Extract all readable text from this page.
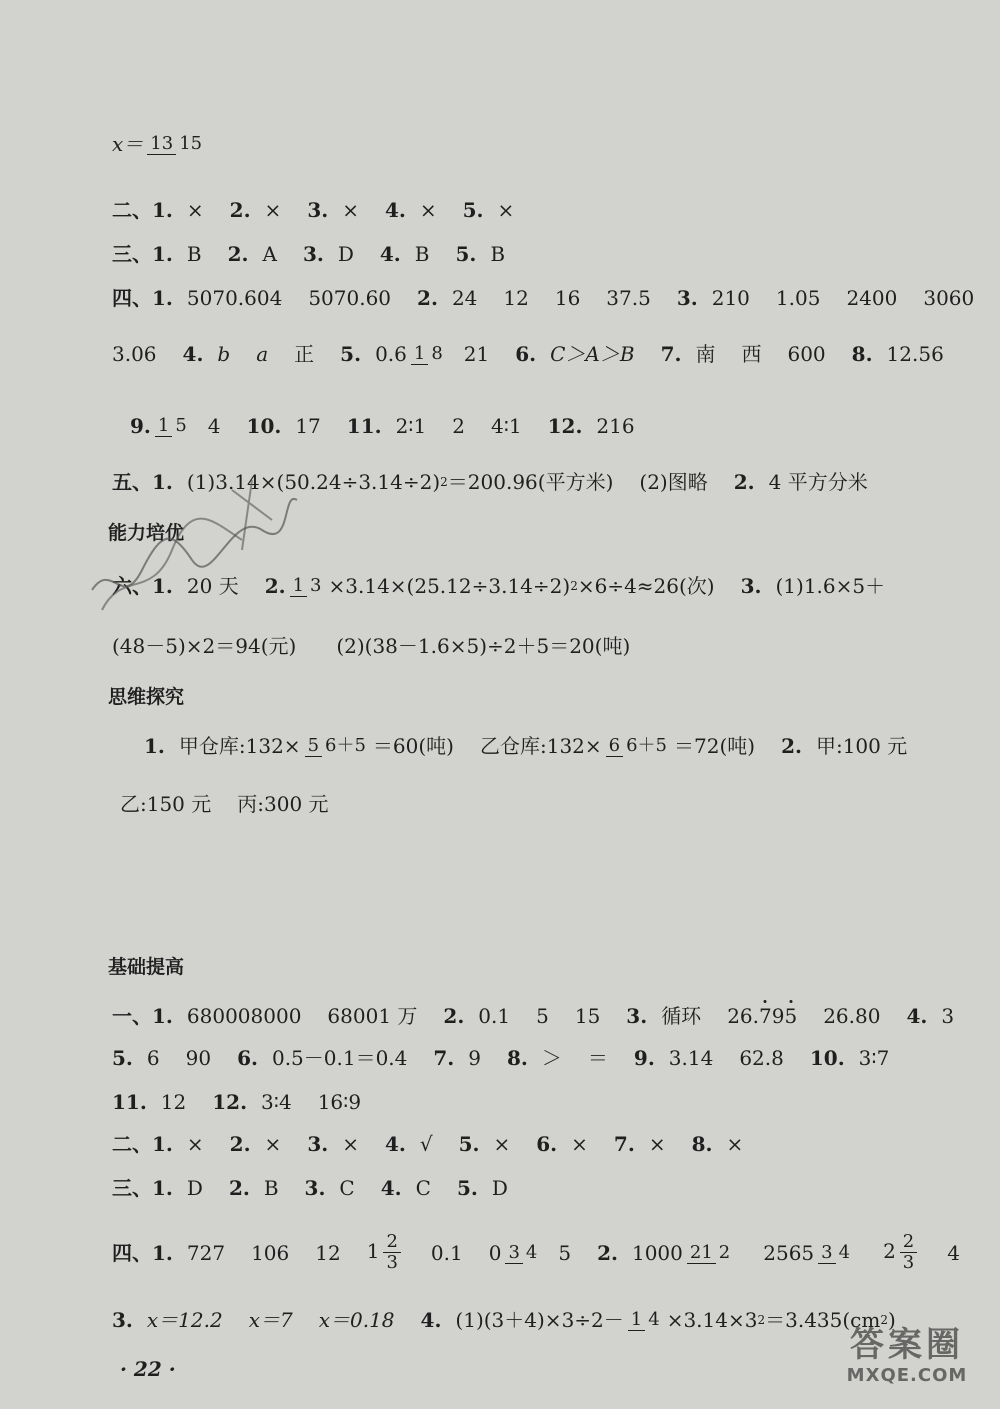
x＝ 13 15
二、1. × 2. × 3. × 4. × 5. ×
三、1. B 2. A 3. D 4. B 5. B
四、1. 5070.604 5070.60 2. 24 12 16 37.5 3. 210 1.05 2400 3060
3.06 4. b a 正 5. 0.6 1 8 21 6. C＞A＞B 7. 南 西 600 8. 12.56
9. 1 5 4 10. 17 11. 2∶1 2 4∶1 12. 216
五、1. (1)3.14×(50.24÷3.14÷2) 2 ＝200.96(平方米) (2)图略 2. 4 平方分米
能力培优
六、1. 20 天 2. 1 3 ×3.14×(25.12÷3.14÷2) 2 ×6÷4≈26(次) 3. (1)1.6×5＋
(48－5)×2＝94(元) (2)(38－1.6×5)÷2＋5＝20(吨)
思维探究
1. 甲仓库:132× 5 6＋5 ＝60(吨) 乙仓库:132× 6 6＋5 ＝72(吨) 2. 甲:100 元
乙:150 元 丙:300 元
基础提高
一、1. 680008000 68001 万 2. 0.1 5 15 3. 循环 26.795 26.80 4. 3
5. 6 90 6. 0.5－0.1＝0.4 7. 9 8. ＞ ＝ 9. 3.14 62.8 10. 3∶7
11. 12 12. 3∶4 16∶9
二、1. × 2. × 3. × 4. √ 5. × 6. × 7. × 8. ×
三、1. D 2. B 3. C 4. C 5. D
四、1. 727 106 12 $1 \frac{2}{3} 0.1$ 0 3 4 5 2. 1000 21 2 2565 3 4 $2 \frac{2}{3} 4$
3. x＝12.2 x＝7 x＝0.18 4. (1)(3＋4)×3÷2－ 1 4 ×3.14×3 2 ＝3.435(cm 2 )
· 22 ·
答案圈
MXQE.COM
